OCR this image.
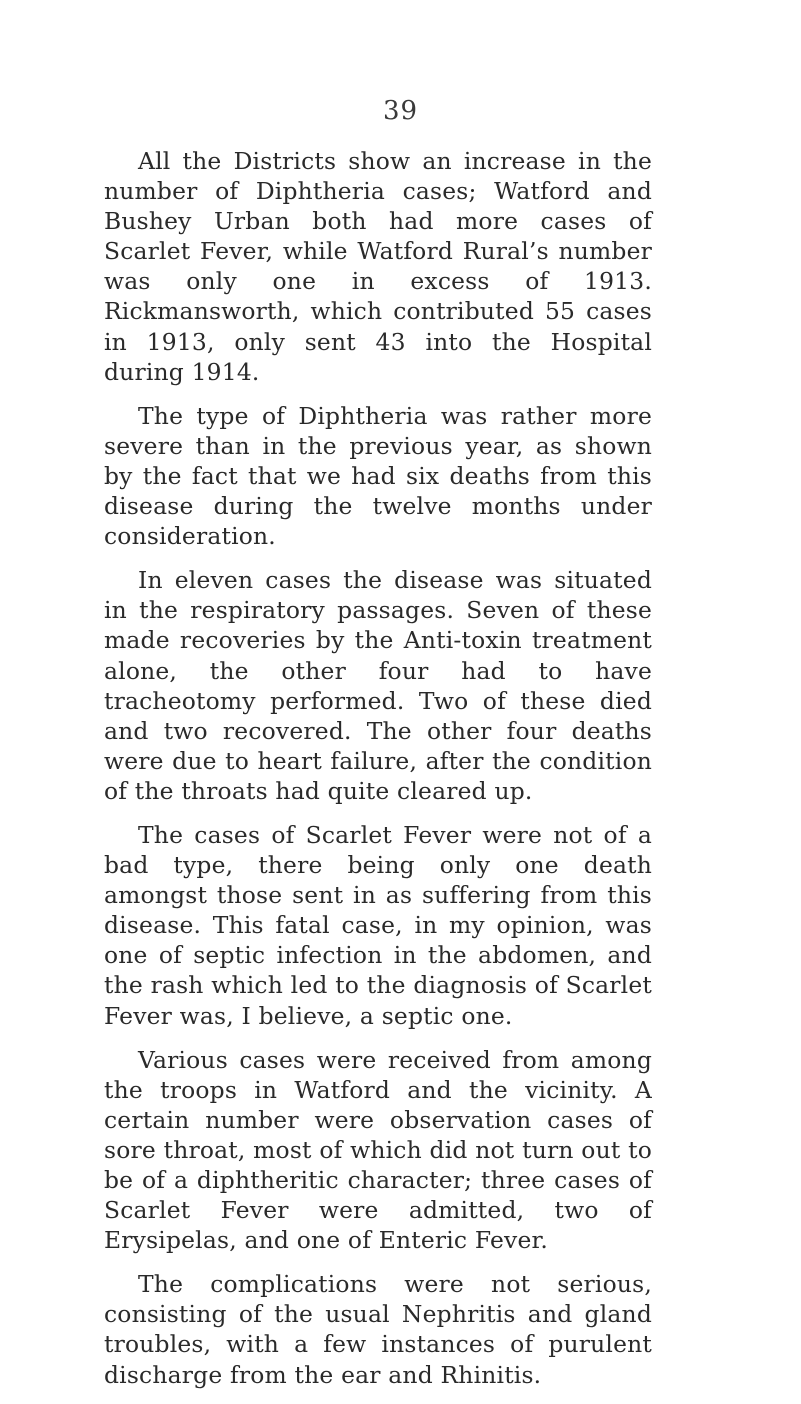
39

All the Districts show an increase in the number of Diphtheria cases; Watford and Bushey Urban both had more cases of Scarlet Fever, while Watford Rural’s number was only one in excess of 1913. Rickmansworth, which contributed 55 cases in 1913, only sent 43 into the Hospital during 1914.

The type of Diphtheria was rather more severe than in the previous year, as shown by the fact that we had six deaths from this disease during the twelve months under consideration.

In eleven cases the disease was situated in the respiratory passages. Seven of these made recoveries by the Anti-toxin treatment alone, the other four had to have tracheotomy performed. Two of these died and two recovered. The other four deaths were due to heart failure, after the condition of the throats had quite cleared up.

The cases of Scarlet Fever were not of a bad type, there being only one death amongst those sent in as suffering from this disease. This fatal case, in my opinion, was one of septic infection in the abdomen, and the rash which led to the diagnosis of Scarlet Fever was, I believe, a septic one.

Various cases were received from among the troops in Watford and the vicinity. A certain number were observation cases of sore throat, most of which did not turn out to be of a diphtheritic character; three cases of Scarlet Fever were admitted, two of Erysipelas, and one of Enteric Fever.

The complications were not serious, consisting of the usual Nephritis and gland troubles, with a few instances of purulent discharge from the ear and Rhinitis.
